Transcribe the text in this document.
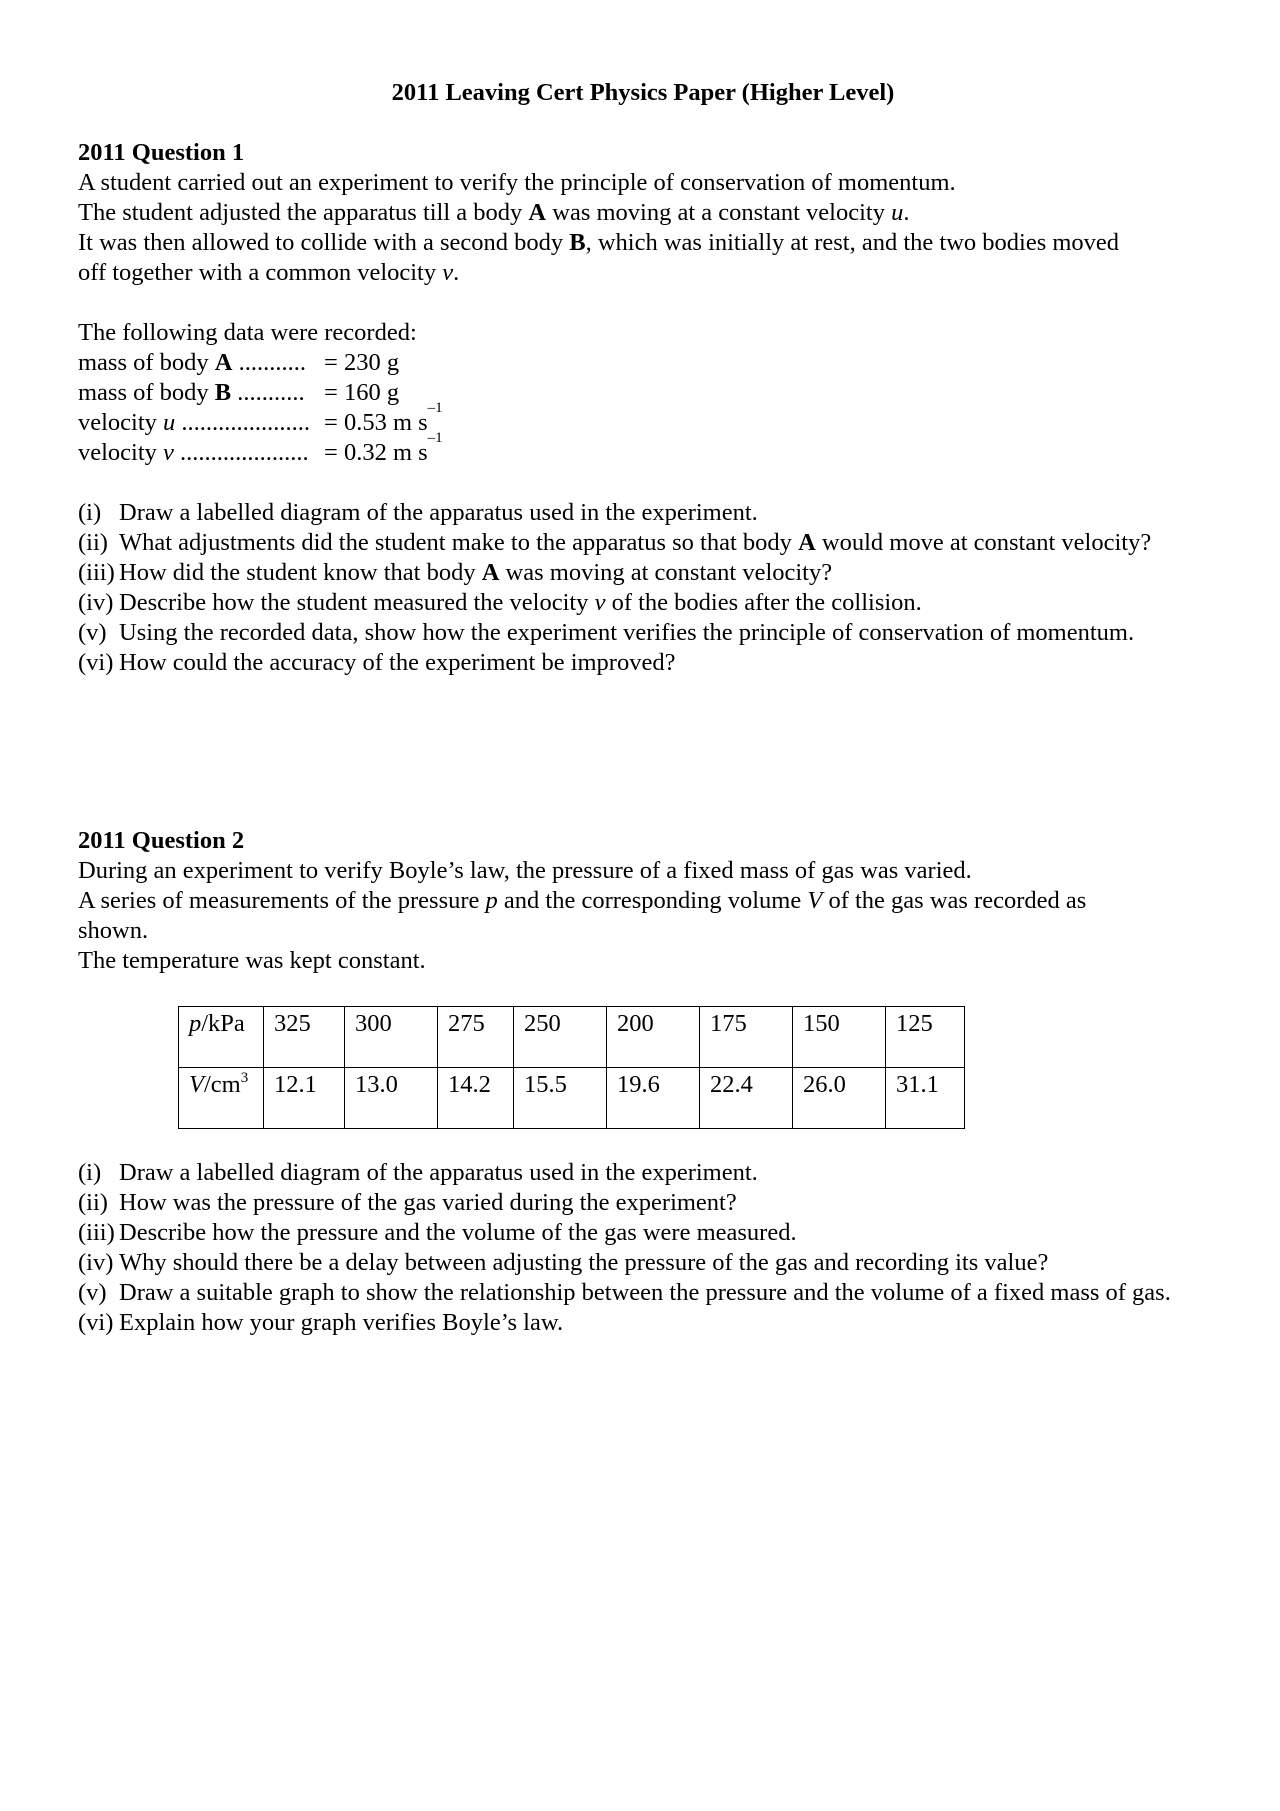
2011 Leaving Cert Physics Paper (Higher Level)
2011 Question 1
A student carried out an experiment to verify the principle of conservation of momentum.
The student adjusted the apparatus till a body A was moving at a constant velocity u.
It was then allowed to collide with a second body B, which was initially at rest, and the two bodies moved
off together with a common velocity v.
The following data were recorded:
mass of body A ........... = 230 g
mass of body B ........... = 160 g
velocity u ..................... = 0.53 m s
–1
velocity v ..................... = 0.32 m s
–1
(i) Draw a labelled diagram of the apparatus used in the experiment.
(ii) What adjustments did the student make to the apparatus so that body A would move at constant velocity?
(iii) How did the student know that body A was moving at constant velocity?
(iv) Describe how the student measured the velocity v of the bodies after the collision.
(v) Using the recorded data, show how the experiment verifies the principle of conservation of momentum.
(vi) How could the accuracy of the experiment be improved?
2011 Question 2
During an experiment to verify Boyle’s law, the pressure of a fixed mass of gas was varied.
A series of measurements of the pressure p and the corresponding volume V of the gas was recorded as
shown.
The temperature was kept constant.
p/kPa	325	300	275	250	200	175	150	125
$V/cm^3$	12.1	13.0	14.2	15.5	19.6	22.4	26.0	31.1
(i) Draw a labelled diagram of the apparatus used in the experiment.
(ii) How was the pressure of the gas varied during the experiment?
(iii) Describe how the pressure and the volume of the gas were measured.
(iv) Why should there be a delay between adjusting the pressure of the gas and recording its value?
(v) Draw a suitable graph to show the relationship between the pressure and the volume of a fixed mass of gas.
(vi) Explain how your graph verifies Boyle’s law.
